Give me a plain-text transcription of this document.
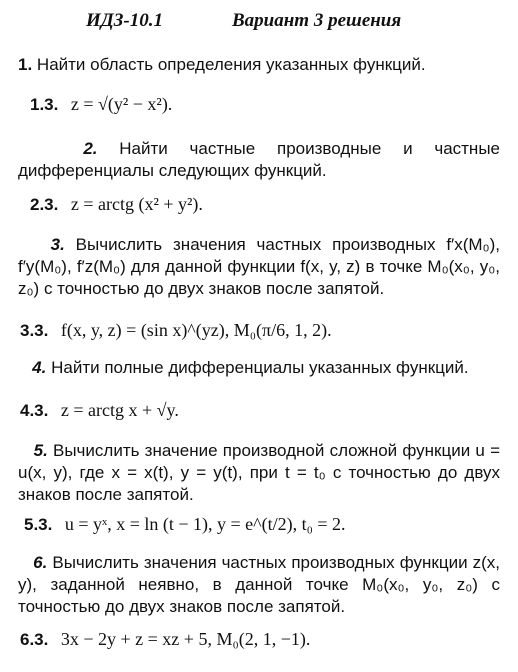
ИДЗ-10.1	Вариант 3 решения
1. Найти область определения указанных функций.
1.3. z = √(y² − x²).
2. Найти частные производные и частные дифференциалы следующих функций.
2.3. z = arctg (x² + y²).
3. Вычислить значения частных производных f′x(M₀), f′y(M₀), f′z(M₀) для данной функции f(x, y, z) в точке M₀(x₀, y₀, z₀) с точностью до двух знаков после запятой.
3.3. f(x, y, z) = (sin x)^(yz), M₀(π/6, 1, 2).
4. Найти полные дифференциалы указанных функций.
4.3. z = arctg x + √y.
5. Вычислить значение производной сложной функции u = u(x, y), где x = x(t), y = y(t), при t = t₀ с точностью до двух знаков после запятой.
5.3. u = yˣ, x = ln (t − 1), y = e^(t/2), t₀ = 2.
6. Вычислить значения частных производных функции z(x, y), заданной неявно, в данной точке M₀(x₀, y₀, z₀) с точностью до двух знаков после запятой.
6.3. 3x − 2y + z = xz + 5, M₀(2, 1, −1).
